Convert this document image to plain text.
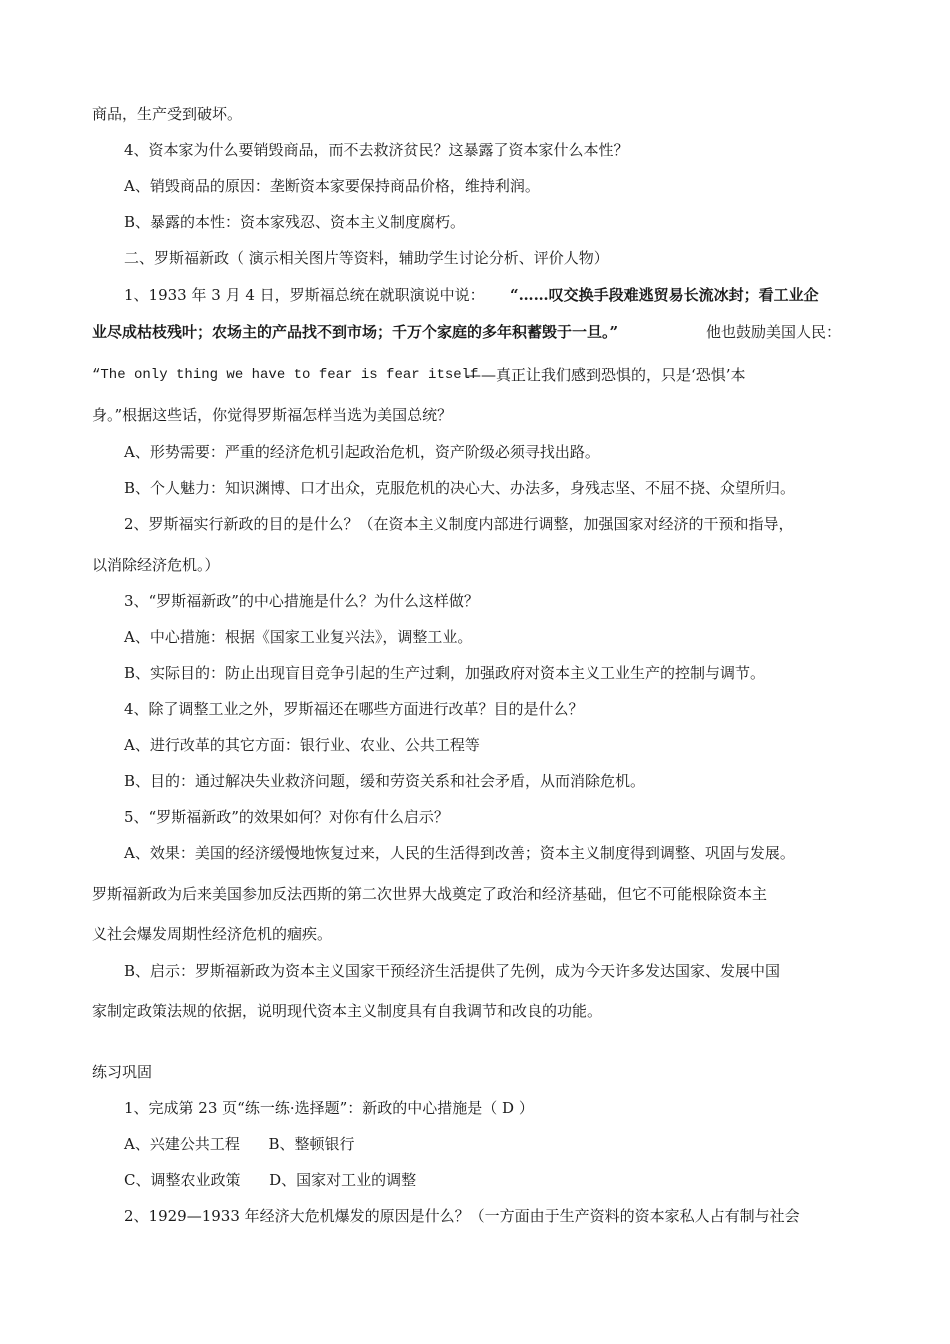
商品，生产受到破坏。
4、资本家为什么要销毁商品，而不去救济贫民？这暴露了资本家什么本性？
A、销毁商品的原因：垄断资本家要保持商品价格，维持利润。
B、暴露的本性：资本家残忍、资本主义制度腐朽。
二、罗斯福新政（ 演示相关图片等资料，辅助学生讨论分析、评价人物）
1、1933 年 3 月 4 日，罗斯福总统在就职演说中说： “……叹交换手段难逃贸易长流冰封；看工业企
业尽成枯枝残叶；农场主的产品找不到市场；千万个家庭的多年积蓄毁于一旦。”	他也鼓励美国人民：
“The only thing we have to fear is fear itself
——真正让我们感到恐惧的，只是‘恐惧’本
身。”根据这些话，你觉得罗斯福怎样当选为美国总统？
A、形势需要：严重的经济危机引起政治危机，资产阶级必须寻找出路。
B、个人魅力：知识渊博、口才出众，克服危机的决心大、办法多，身残志坚、不屈不挠、众望所归。
2、罗斯福实行新政的目的是什么？（在资本主义制度内部进行调整，加强国家对经济的干预和指导，
以消除经济危机。）
3、“罗斯福新政”的中心措施是什么？为什么这样做？
A、中心措施：根据《国家工业复兴法》，调整工业。
B、实际目的：防止出现盲目竞争引起的生产过剩，加强政府对资本主义工业生产的控制与调节。
4、除了调整工业之外，罗斯福还在哪些方面进行改革？目的是什么？
A、进行改革的其它方面：银行业、农业、公共工程等
B、目的：通过解决失业救济问题，缓和劳资关系和社会矛盾，从而消除危机。
5、“罗斯福新政”的效果如何？对你有什么启示？
A、效果：美国的经济缓慢地恢复过来，人民的生活得到改善；资本主义制度得到调整、巩固与发展。
罗斯福新政为后来美国参加反法西斯的第二次世界大战奠定了政治和经济基础，但它不可能根除资本主
义社会爆发周期性经济危机的痼疾。
B、启示：罗斯福新政为资本主义国家干预经济生活提供了先例，成为今天许多发达国家、发展中国
家制定政策法规的依据，说明现代资本主义制度具有自我调节和改良的功能。
练习巩固
1、完成第 23 页“练一练·选择题”：新政的中心措施是（ D ）
A、兴建公共工程      B、整顿银行
C、调整农业政策      D、国家对工业的调整
2、1929—1933 年经济大危机爆发的原因是什么？（一方面由于生产资料的资本家私人占有制与社会
